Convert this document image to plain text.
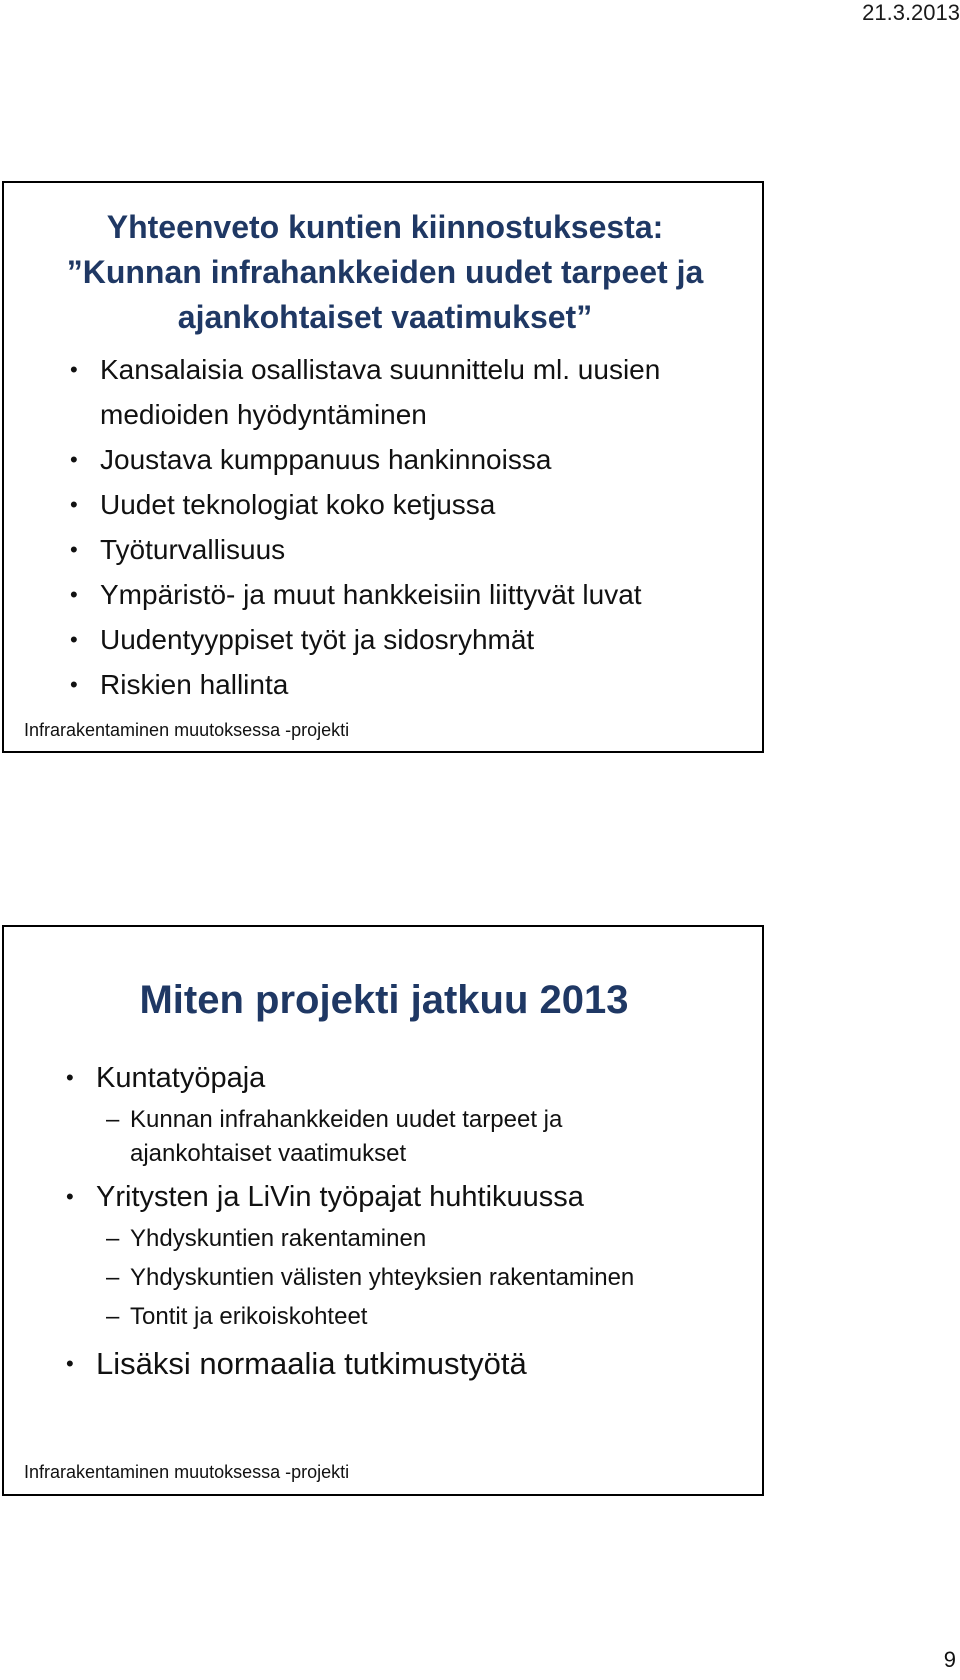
21.3.2013
Yhteenveto kuntien kiinnostuksesta:
”Kunnan infrahankkeiden uudet tarpeet ja
ajankohtaiset vaatimukset”
• Kansalaisia osallistava suunnittelu ml. uusien
medioiden hyödyntäminen
• Joustava kumppanuus hankinnoissa
• Uudet teknologiat koko ketjussa
• Työturvallisuus
• Ympäristö- ja muut hankkeisiin liittyvät luvat
• Uudentyyppiset työt ja sidosryhmät
• Riskien hallinta
Infrarakentaminen muutoksessa -projekti
Miten projekti jatkuu 2013
• Kuntatyöpaja
– Kunnan infrahankkeiden uudet tarpeet ja
ajankohtaiset vaatimukset
• Yritysten ja LiVin työpajat huhtikuussa
– Yhdyskuntien rakentaminen
– Yhdyskuntien välisten yhteyksien rakentaminen
– Tontit ja erikoiskohteet
• Lisäksi normaalia tutkimustyötä
Infrarakentaminen muutoksessa -projekti
9
